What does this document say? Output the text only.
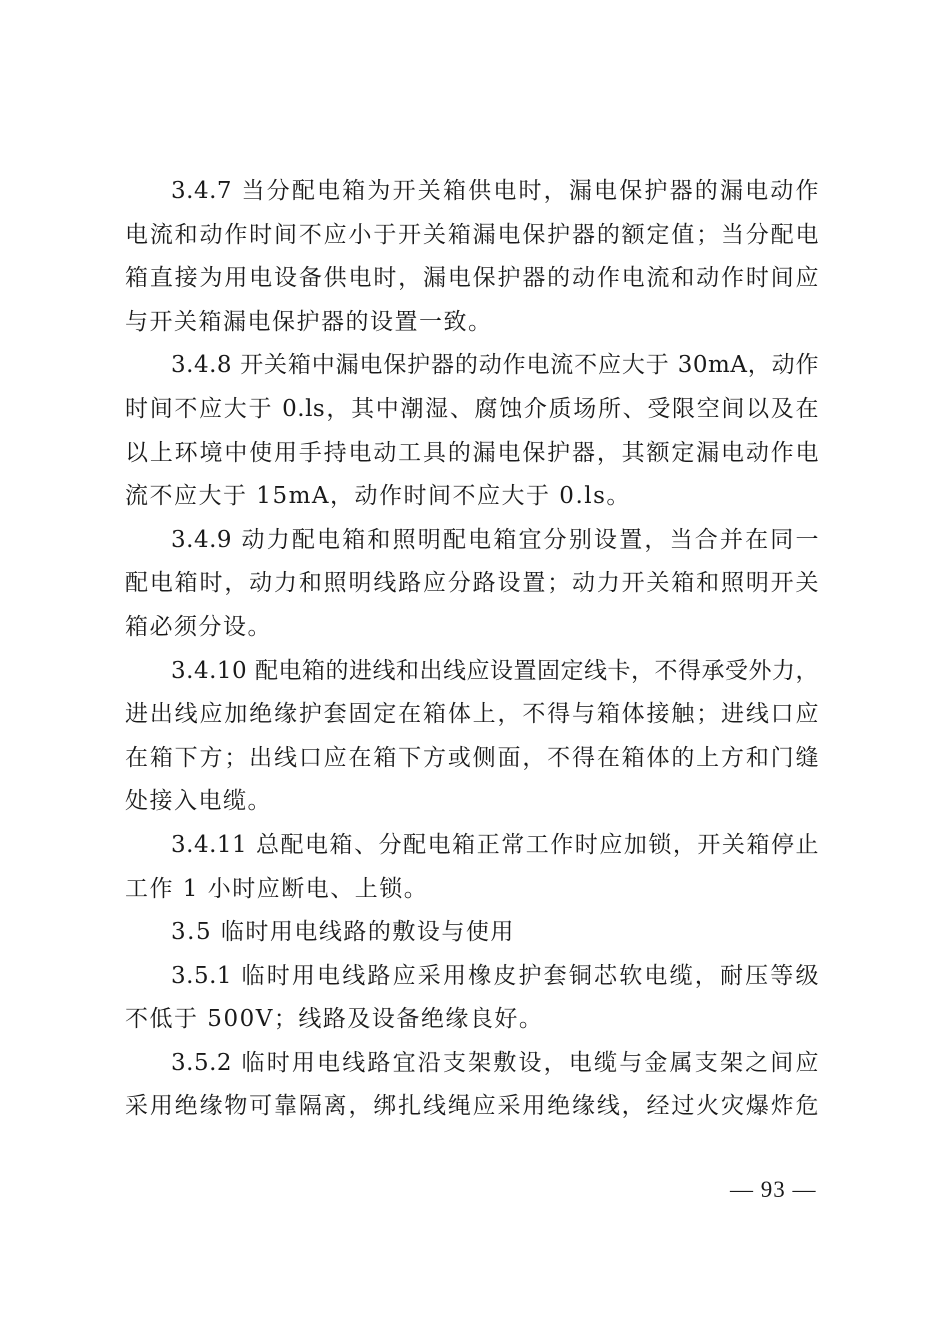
3.4.7 当分配电箱为开关箱供电时，漏电保护器的漏电动作
电流和动作时间不应小于开关箱漏电保护器的额定值；当分配电
箱直接为用电设备供电时，漏电保护器的动作电流和动作时间应
与开关箱漏电保护器的设置一致。
3.4.8 开关箱中漏电保护器的动作电流不应大于 30mA，动作
时间不应大于 0.ls，其中潮湿、腐蚀介质场所、受限空间以及在
以上环境中使用手持电动工具的漏电保护器，其额定漏电动作电
流不应大于 15mA，动作时间不应大于 0.ls。
3.4.9 动力配电箱和照明配电箱宜分别设置，当合并在同一
配电箱时，动力和照明线路应分路设置；动力开关箱和照明开关
箱必须分设。
3.4.10 配电箱的进线和出线应设置固定线卡，不得承受外力，
进出线应加绝缘护套固定在箱体上，不得与箱体接触；进线口应
在箱下方；出线口应在箱下方或侧面，不得在箱体的上方和门缝
处接入电缆。
3.4.11 总配电箱、分配电箱正常工作时应加锁，开关箱停止
工作 1 小时应断电、上锁。
3.5 临时用电线路的敷设与使用
3.5.1 临时用电线路应采用橡皮护套铜芯软电缆，耐压等级
不低于 500V；线路及设备绝缘良好。
3.5.2 临时用电线路宜沿支架敷设，电缆与金属支架之间应
采用绝缘物可靠隔离，绑扎线绳应采用绝缘线，经过火灾爆炸危
— 93 —
